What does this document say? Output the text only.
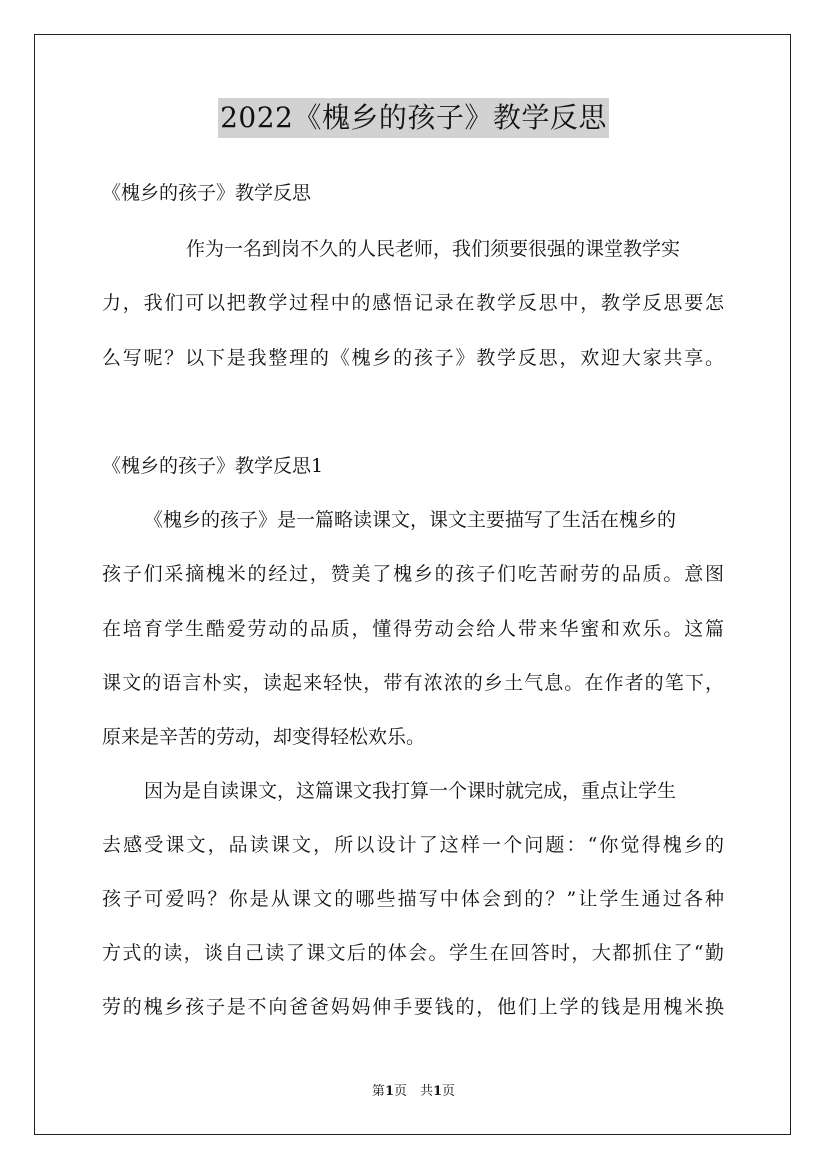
2022《槐乡的孩子》教学反思
《槐乡的孩子》教学反思
作为一名到岗不久的人民老师，我们须要很强的课堂教学实
力，我们可以把教学过程中的感悟记录在教学反思中，教学反思要怎
么写呢？以下是我整理的《槐乡的孩子》教学反思，欢迎大家共享。
《槐乡的孩子》教学反思1
《槐乡的孩子》是一篇略读课文，课文主要描写了生活在槐乡的
孩子们采摘槐米的经过，赞美了槐乡的孩子们吃苦耐劳的品质。意图
在培育学生酷爱劳动的品质，懂得劳动会给人带来华蜜和欢乐。这篇
课文的语言朴实，读起来轻快，带有浓浓的乡土气息。在作者的笔下，
原来是辛苦的劳动，却变得轻松欢乐。
因为是自读课文，这篇课文我打算一个课时就完成，重点让学生
去感受课文，品读课文，所以设计了这样一个问题：“你觉得槐乡的
孩子可爱吗？你是从课文的哪些描写中体会到的？”让学生通过各种
方式的读，谈自己读了课文后的体会。学生在回答时，大都抓住了“勤
劳的槐乡孩子是不向爸爸妈妈伸手要钱的，他们上学的钱是用槐米换
第1页　共1页
